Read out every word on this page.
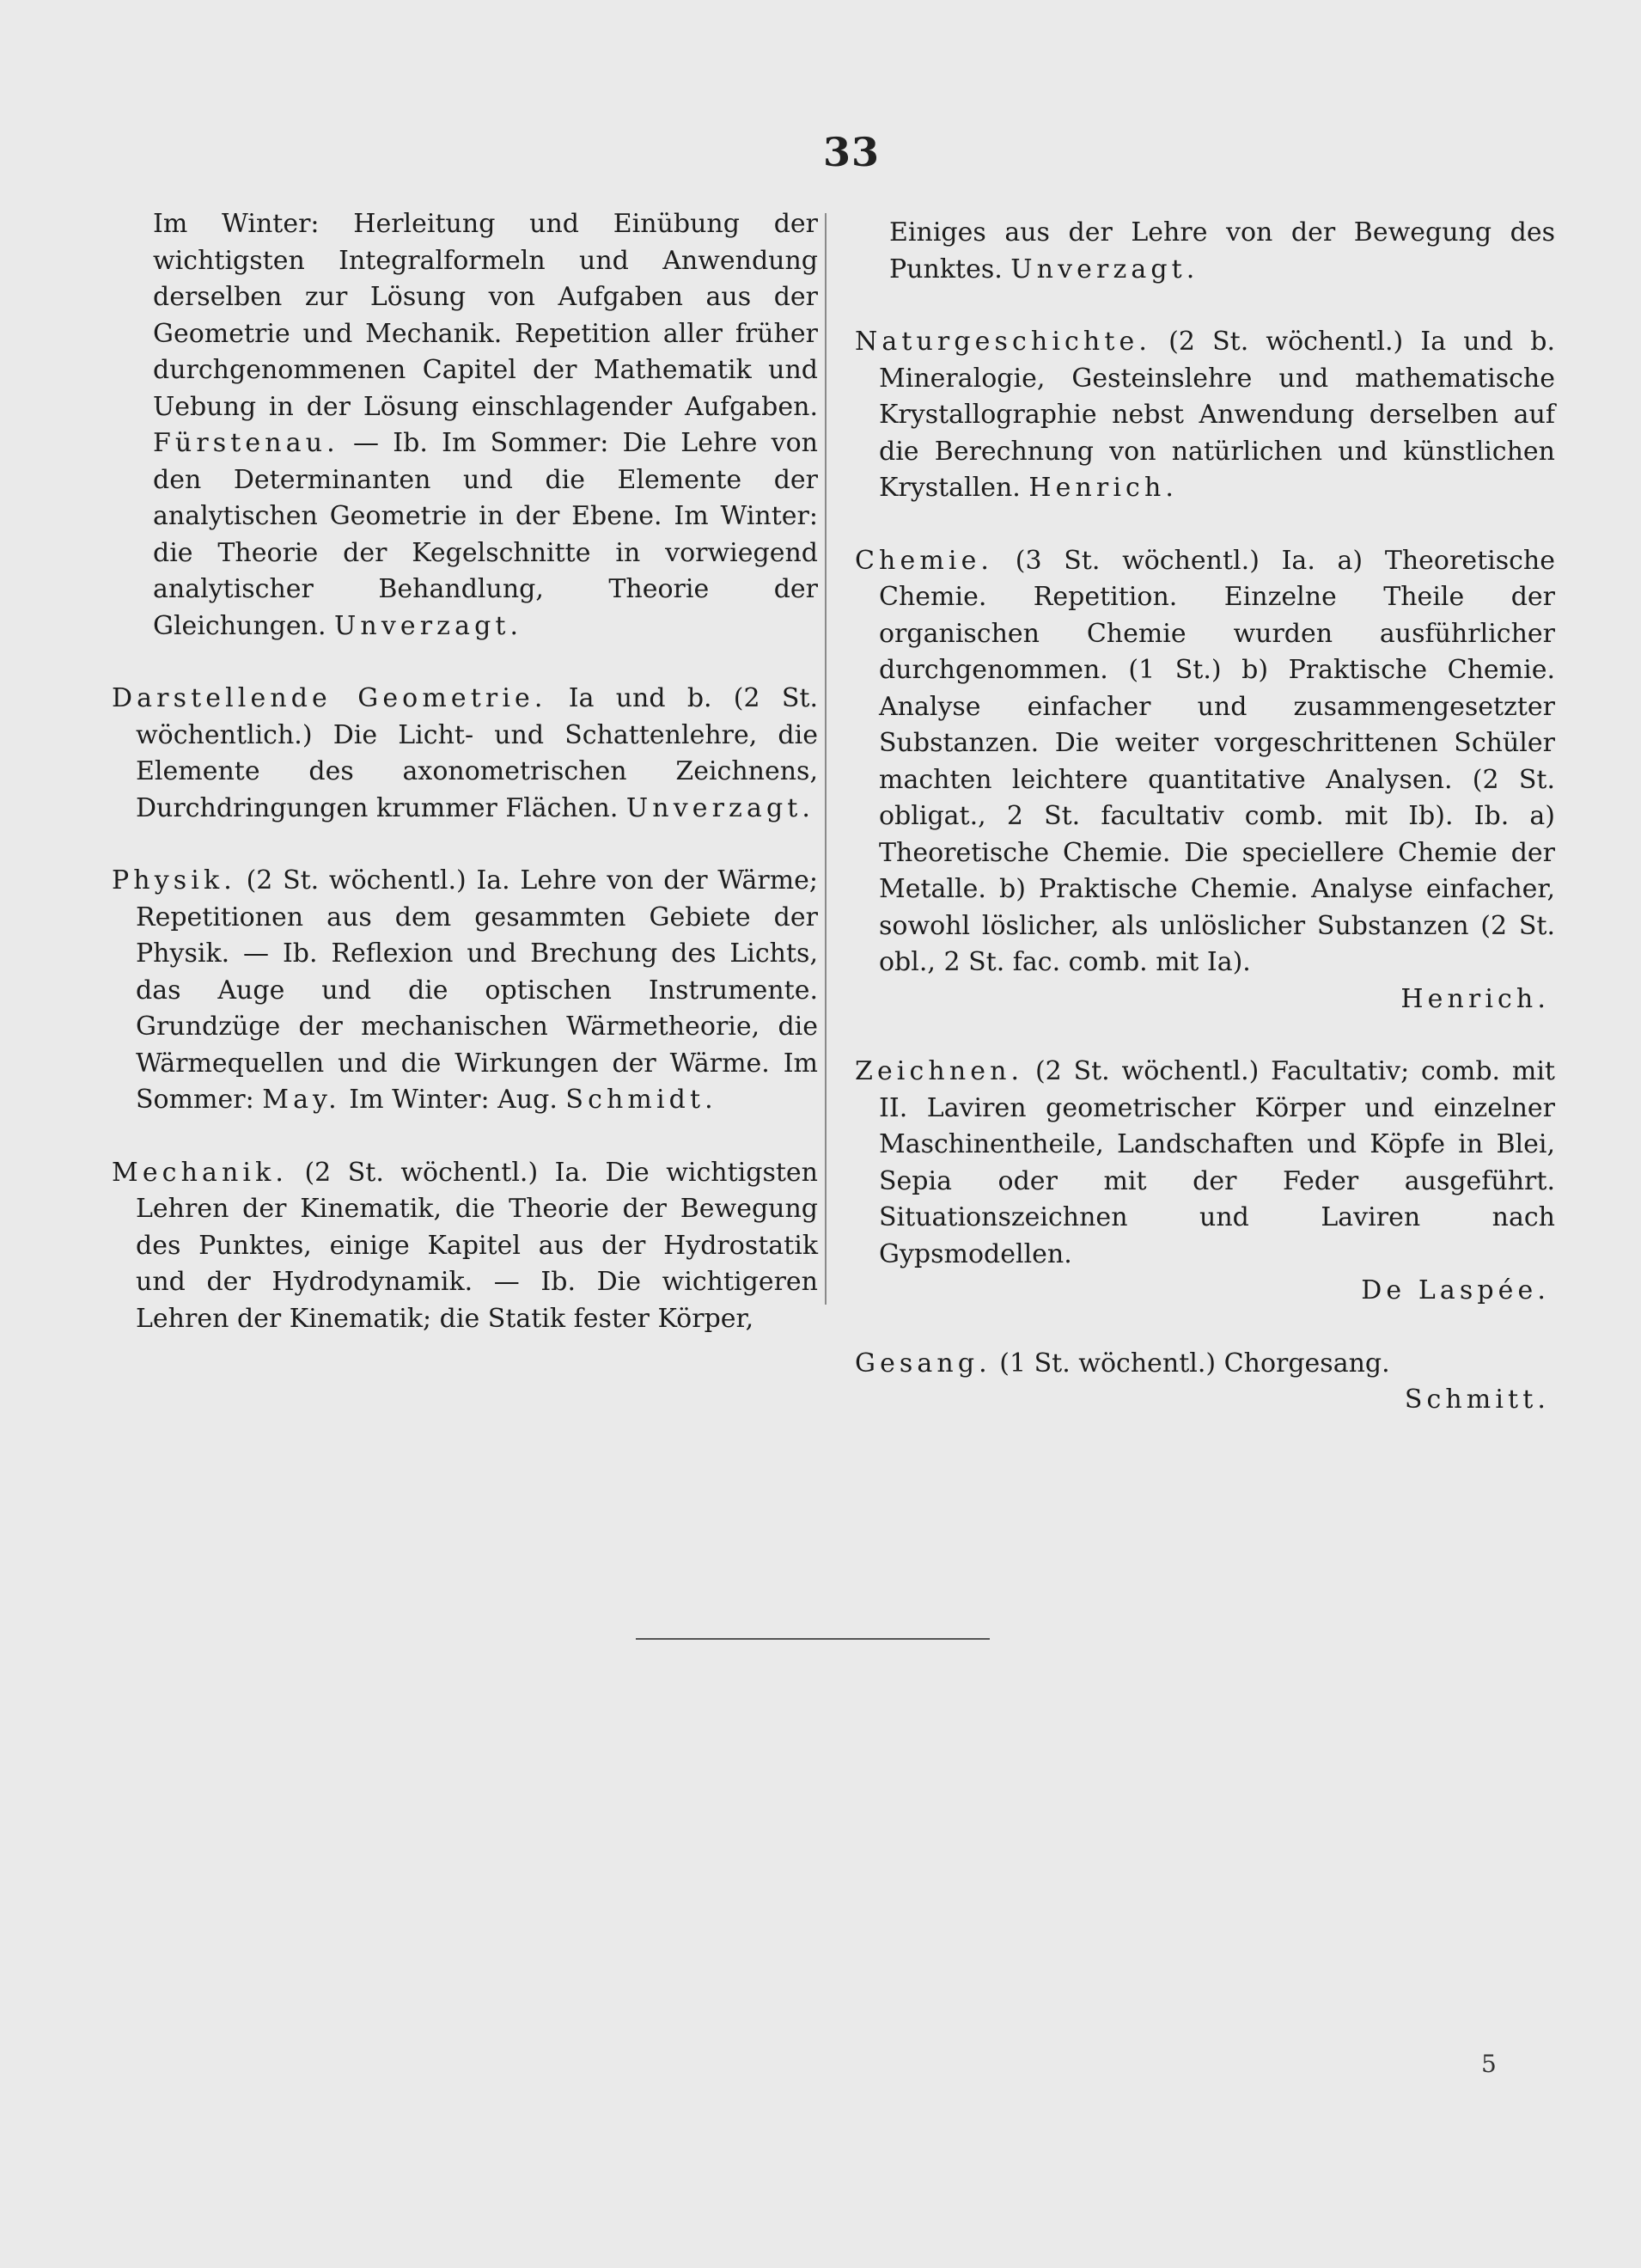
33

Im Winter: Herleitung und Einübung der wichtigsten Integralformeln und Anwendung derselben zur Lösung von Aufgaben aus der Geometrie und Mechanik. Repetition aller früher durchgenommenen Capitel der Mathematik und Uebung in der Lösung einschlagender Aufgaben. Fürstenau. — Ib. Im Sommer: Die Lehre von den Determinanten und die Elemente der analytischen Geometrie in der Ebene. Im Winter: die Theorie der Kegelschnitte in vorwiegend analytischer Behandlung, Theorie der Gleichungen. Unverzagt.

Darstellende Geometrie. Ia und b. (2 St. wöchentlich.) Die Licht- und Schattenlehre, die Elemente des axonometrischen Zeichnens, Durchdringungen krummer Flächen. Unverzagt.

Physik. (2 St. wöchentl.) Ia. Lehre von der Wärme; Repetitionen aus dem gesammten Gebiete der Physik. — Ib. Reflexion und Brechung des Lichts, das Auge und die optischen Instrumente. Grundzüge der mechanischen Wärmetheorie, die Wärmequellen und die Wirkungen der Wärme. Im Sommer: May. Im Winter: Aug. Schmidt.

Mechanik. (2 St. wöchentl.) Ia. Die wichtigsten Lehren der Kinematik, die Theorie der Bewegung des Punktes, einige Kapitel aus der Hydrostatik und der Hydrodynamik. — Ib. Die wichtigeren Lehren der Kinematik; die Statik fester Körper,

Einiges aus der Lehre von der Bewegung des Punktes. Unverzagt.

Naturgeschichte. (2 St. wöchentl.) Ia und b. Mineralogie, Gesteinslehre und mathematische Krystallographie nebst Anwendung derselben auf die Berechnung von natürlichen und künstlichen Krystallen. Henrich.

Chemie. (3 St. wöchentl.) Ia. a) Theoretische Chemie. Repetition. Einzelne Theile der organischen Chemie wurden ausführlicher durchgenommen. (1 St.) b) Praktische Chemie. Analyse einfacher und zusammengesetzter Substanzen. Die weiter vorgeschrittenen Schüler machten leichtere quantitative Analysen. (2 St. obligat., 2 St. facultativ comb. mit Ib). Ib. a) Theoretische Chemie. Die speciellere Chemie der Metalle. b) Praktische Chemie. Analyse einfacher, sowohl löslicher, als unlöslicher Substanzen (2 St. obl., 2 St. fac. comb. mit Ia).
Henrich.
Zeichnen. (2 St. wöchentl.) Facultativ; comb. mit II. Laviren geometrischer Körper und einzelner Maschinentheile, Landschaften und Köpfe in Blei, Sepia oder mit der Feder ausgeführt. Situationszeichnen und Laviren nach Gypsmodellen.
De Laspée.
Gesang. (1 St. wöchentl.) Chorgesang.
Schmitt.
5
